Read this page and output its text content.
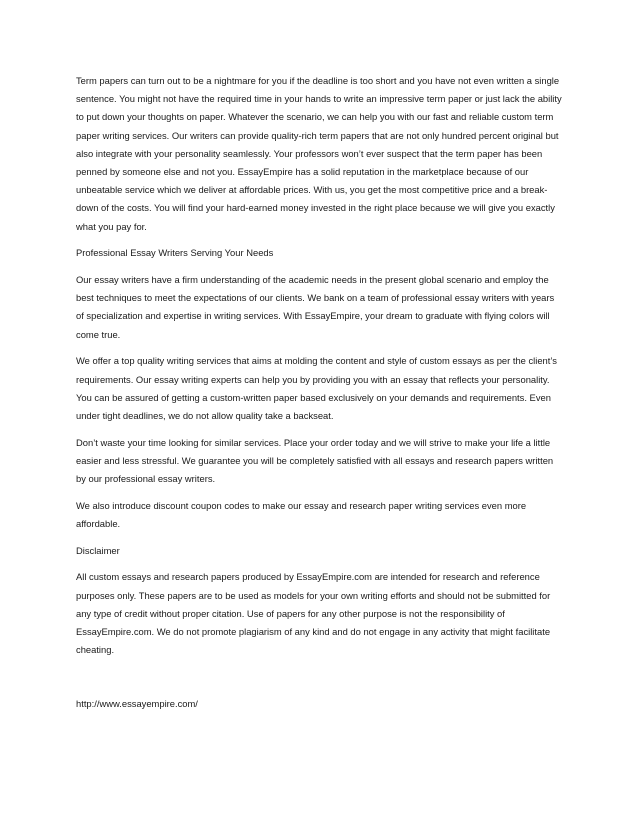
Term papers can turn out to be a nightmare for you if the deadline is too short and you have not even written a single sentence. You might not have the required time in your hands to write an impressive term paper or just lack the ability to put down your thoughts on paper. Whatever the scenario, we can help you with our fast and reliable custom term paper writing services. Our writers can provide quality-rich term papers that are not only hundred percent original but also integrate with your personality seamlessly. Your professors won’t ever suspect that the term paper has been penned by someone else and not you. EssayEmpire has a solid reputation in the marketplace because of our unbeatable service which we deliver at affordable prices. With us, you get the most competitive price and a break-down of the costs. You will find your hard-earned money invested in the right place because we will give you exactly what you pay for.

Professional Essay Writers Serving Your Needs

Our essay writers have a firm understanding of the academic needs in the present global scenario and employ the best techniques to meet the expectations of our clients. We bank on a team of professional essay writers with years of specialization and expertise in writing services. With EssayEmpire, your dream to graduate with flying colors will come true.

We offer a top quality writing services that aims at molding the content and style of custom essays as per the client’s requirements. Our essay writing experts can help you by providing you with an essay that reflects your personality. You can be assured of getting a custom-written paper based exclusively on your demands and requirements. Even under tight deadlines, we do not allow quality take a backseat.

Don’t waste your time looking for similar services. Place your order today and we will strive to make your life a little easier and less stressful. We guarantee you will be completely satisfied with all essays and research papers written by our professional essay writers.

We also introduce discount coupon codes to make our essay and research paper writing services even more affordable.

Disclaimer

All custom essays and research papers produced by EssayEmpire.com are intended for research and reference purposes only. These papers are to be used as models for your own writing efforts and should not be submitted for any type of credit without proper citation. Use of papers for any other purpose is not the responsibility of EssayEmpire.com. We do not promote plagiarism of any kind and do not engage in any activity that might facilitate cheating.

http://www.essayempire.com/
